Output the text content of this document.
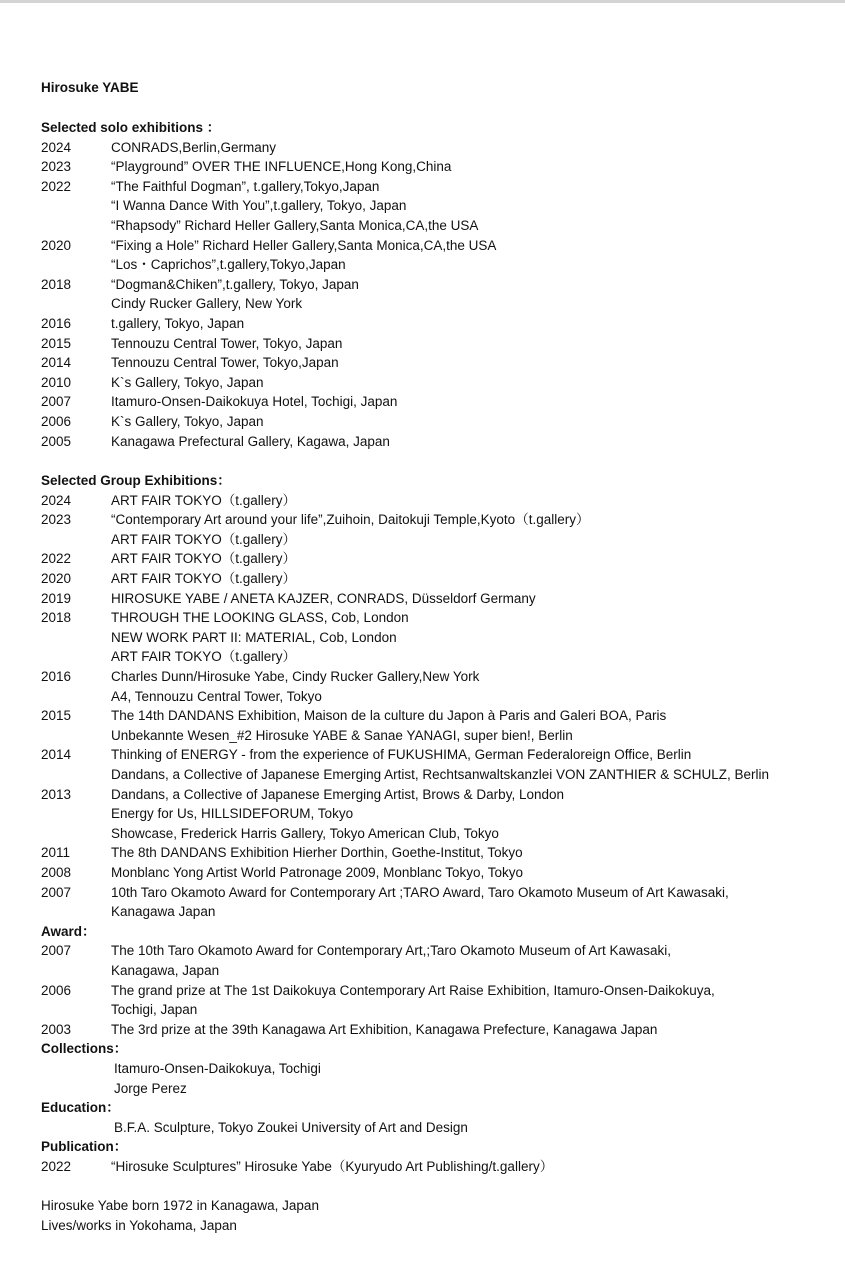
Hirosuke YABE

Selected solo exhibitions ：

2024	CONRADS,Berlin,Germany
2023	“Playground” OVER THE INFLUENCE,Hong Kong,China
2022	“The Faithful Dogman”, t.gallery,Tokyo,Japan
“I Wanna Dance With You”,t.gallery, Tokyo, Japan
“Rhapsody” Richard Heller Gallery,Santa Monica,CA,the USA
2020	“Fixing a Hole” Richard Heller Gallery,Santa Monica,CA,the USA
“Los・Caprichos”,t.gallery,Tokyo,Japan
2018	“Dogman&Chiken”,t.gallery, Tokyo, Japan
Cindy Rucker Gallery, New York
2016	t.gallery, Tokyo, Japan
2015	Tennouzu Central Tower, Tokyo, Japan
2014	Tennouzu Central Tower, Tokyo,Japan
2010	K`s Gallery, Tokyo, Japan
2007	Itamuro-Onsen-Daikokuya Hotel, Tochigi, Japan
2006	K`s Gallery, Tokyo, Japan
2005	Kanagawa Prefectural Gallery, Kagawa, Japan

Selected Group Exhibitions：

2024	ART FAIR TOKYO（t.gallery）
2023	“Contemporary Art around your life”,Zuihoin, Daitokuji Temple,Kyoto（t.gallery）
ART FAIR TOKYO（t.gallery）
2022	ART FAIR TOKYO（t.gallery）
2020	ART FAIR TOKYO（t.gallery）
2019	HIROSUKE YABE / ANETA KAJZER, CONRADS, Düsseldorf Germany
2018	THROUGH THE LOOKING GLASS, Cob, London
NEW WORK PART II: MATERIAL, Cob, London
ART FAIR TOKYO（t.gallery）
2016	Charles Dunn/Hirosuke Yabe, Cindy Rucker Gallery,New York
A4, Tennouzu Central Tower, Tokyo
2015	The 14th DANDANS Exhibition, Maison de la culture du Japon à Paris and Galeri BOA, Paris
Unbekannte Wesen_#2 Hirosuke YABE & Sanae YANAGI, super bien!, Berlin
2014	Thinking of ENERGY - from the experience of FUKUSHIMA, German Federaloreign Office, Berlin
Dandans, a Collective of Japanese Emerging Artist, Rechtsanwaltskanzlei VON ZANTHIER & SCHULZ, Berlin
2013	Dandans, a Collective of Japanese Emerging Artist, Brows & Darby, London
Energy for Us, HILLSIDEFORUM, Tokyo
Showcase, Frederick Harris Gallery, Tokyo American Club, Tokyo
2011	The 8th DANDANS Exhibition Hierher Dorthin, Goethe-Institut, Tokyo
2008	Monblanc Yong Artist World Patronage 2009, Monblanc Tokyo, Tokyo
2007	10th Taro Okamoto Award for Contemporary Art ;TARO Award, Taro Okamoto Museum of Art Kawasaki,
Kanagawa Japan

Award：

2007	The 10th Taro Okamoto Award for Contemporary Art,;Taro Okamoto Museum of Art Kawasaki,
Kanagawa, Japan
2006	The grand prize at The 1st Daikokuya Contemporary Art Raise Exhibition, Itamuro-Onsen-Daikokuya,
Tochigi, Japan
2003	The 3rd prize at the 39th Kanagawa Art Exhibition, Kanagawa Prefecture, Kanagawa Japan

Collections：

Itamuro-Onsen-Daikokuya, Tochigi
Jorge Perez

Education：

B.F.A. Sculpture, Tokyo Zoukei University of Art and Design

Publication：

2022	“Hirosuke Sculptures” Hirosuke Yabe（Kyuryudo Art Publishing/t.gallery）

Hirosuke Yabe born 1972 in Kanagawa, Japan

Lives/works in Yokohama, Japan
